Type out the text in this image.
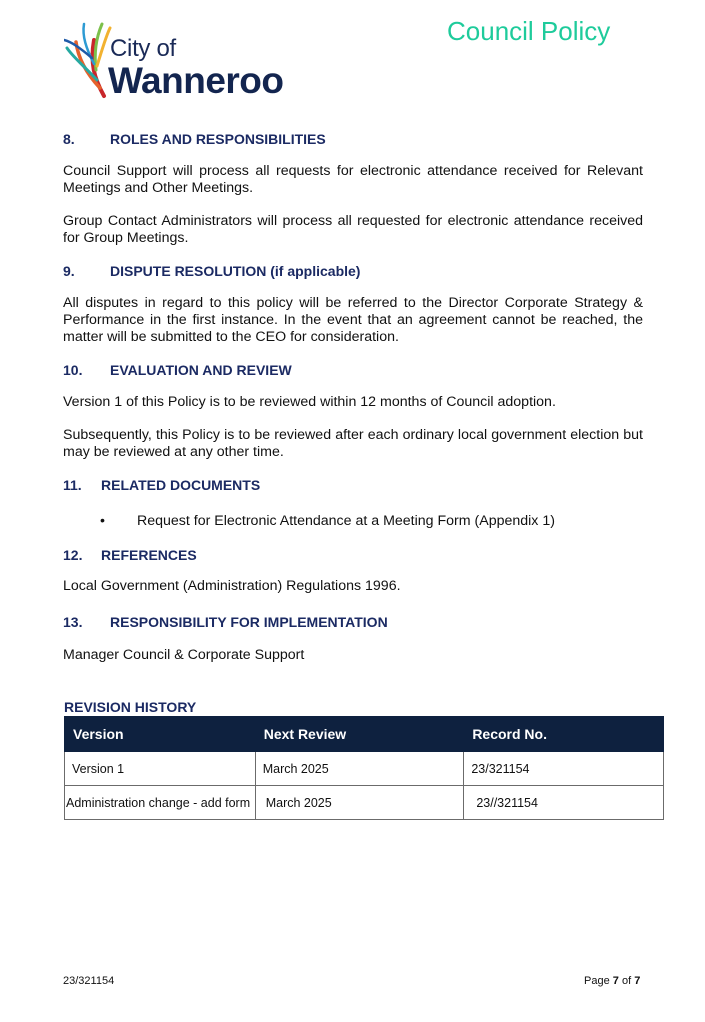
City of
Wanneroo
Council Policy
8.	ROLES AND RESPONSIBILITIES
Council Support will process all requests for electronic attendance received for Relevant Meetings and Other Meetings.
Group Contact Administrators will process all requested for electronic attendance received for Group Meetings.
9.	DISPUTE RESOLUTION (if applicable)
All disputes in regard to this policy will be referred to the Director Corporate Strategy & Performance in the first instance. In the event that an agreement cannot be reached, the matter will be submitted to the CEO for consideration.
10. EVALUATION AND REVIEW
Version 1 of this Policy is to be reviewed within 12 months of Council adoption.
Subsequently, this Policy is to be reviewed after each ordinary local government election but may be reviewed at any other time.
11. RELATED DOCUMENTS
• Request for Electronic Attendance at a Meeting Form (Appendix 1)
12. REFERENCES
Local Government (Administration) Regulations 1996.
13. RESPONSIBILITY FOR IMPLEMENTATION
Manager Council & Corporate Support
REVISION HISTORY
Version	Next Review	Record No.
Version 1	March 2025	23/321154
Administration change - add form	March 2025	23//321154
23/321154	Page 7 of 7
